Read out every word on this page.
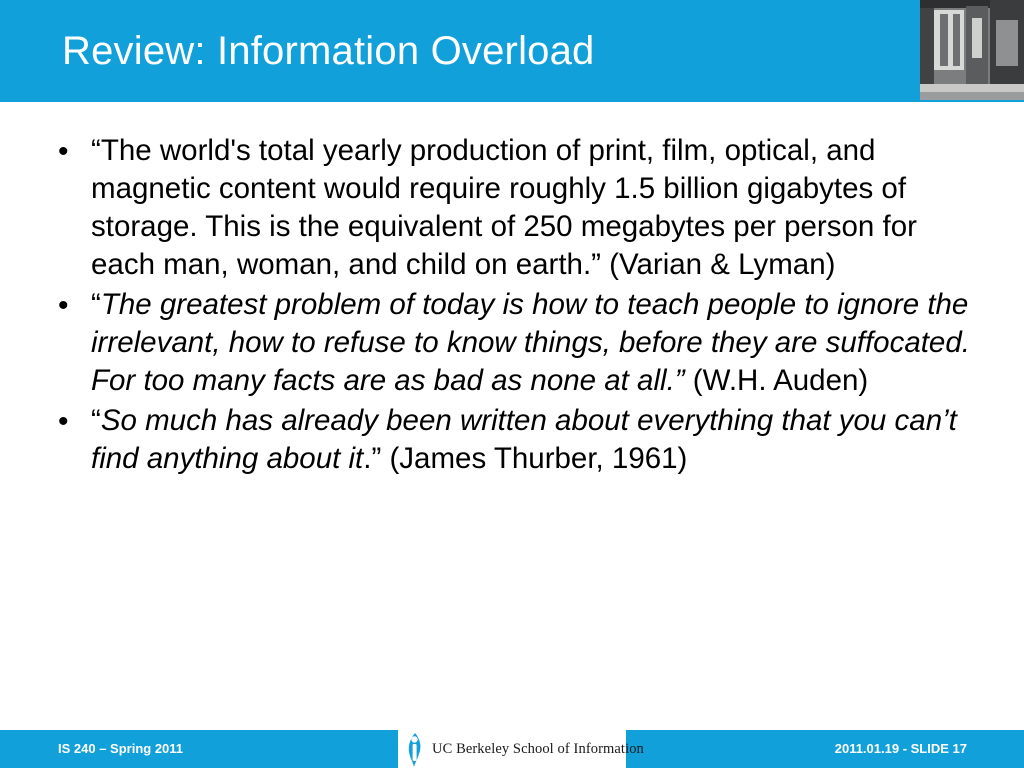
Review: Information Overload
• “The world's total yearly production of print, film, optical, and magnetic content would require roughly 1.5 billion gigabytes of storage. This is the equivalent of 250 megabytes per person for each man, woman, and child on earth.” (Varian & Lyman)
• “The greatest problem of today is how to teach people to ignore the irrelevant, how to refuse to know things, before they are suffocated. For too many facts are as bad as none at all.” (W.H. Auden)
• “So much has already been written about everything that you can’t find anything about it.” (James Thurber, 1961)
IS 240 – Spring 2011	UC Berkeley School of Information	2011.01.19 - SLIDE 17
